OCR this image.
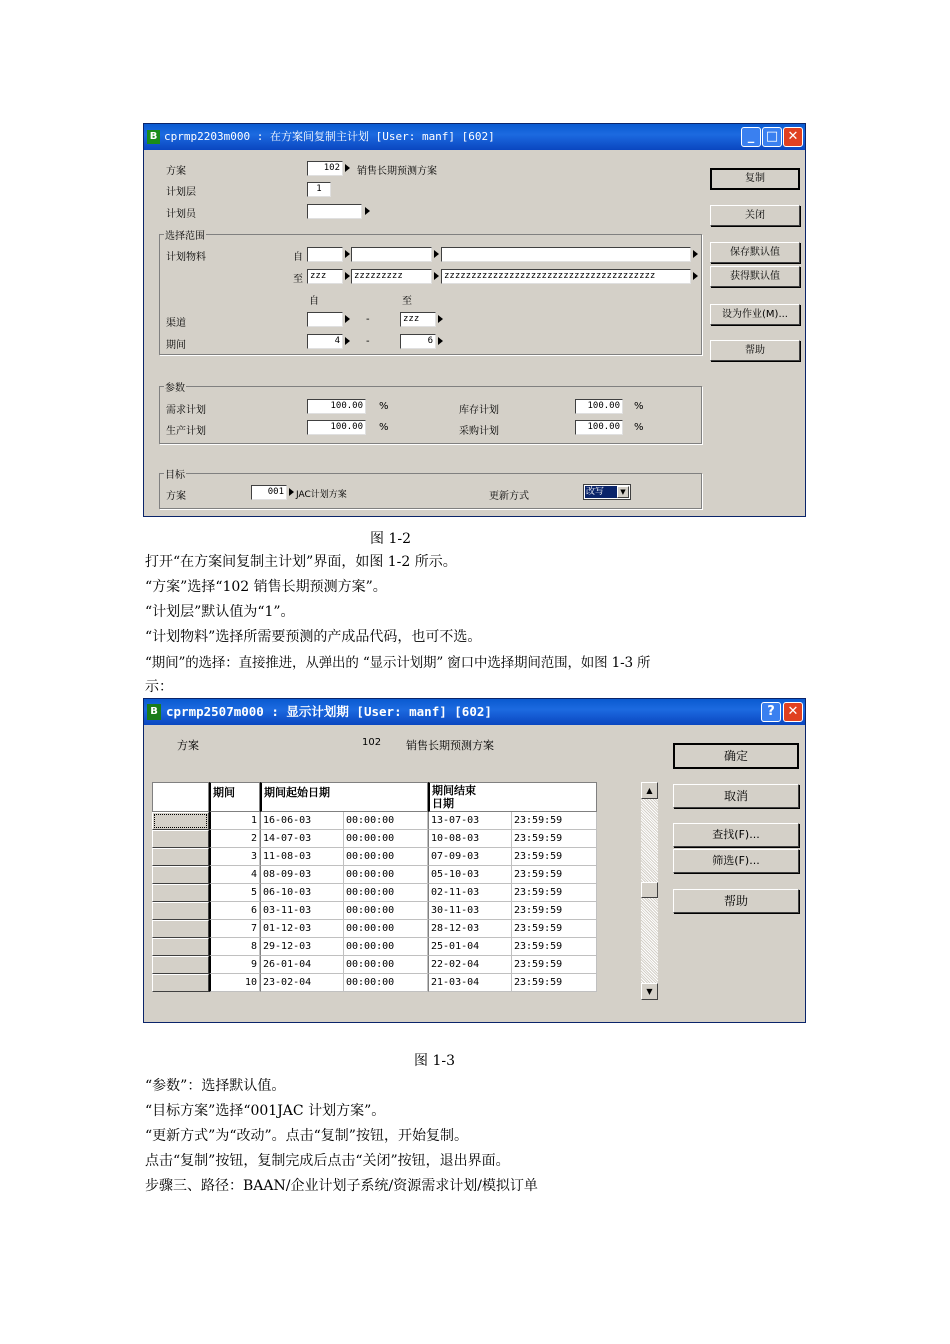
B cprmp2203m000 : 在方案间复制主计划 [User: manf] [602]	_ □ ✕
方案	102	销售长期预测方案
计划层	1
计划员
选择范围
计划物料	自
至 zzz	zzzzzzzzz	zzzzzzzzzzzzzzzzzzzzzzzzzzzzzzzzzzzzzzz
自	至
渠道	-	zzz
期间	4	-	6
参数
需求计划	100.00	%	库存计划	100.00	%
生产计划	100.00	%	采购计划	100.00	%
目标
方案	001	JAC计划方案	更新方式	改写	▼
复制
关闭
保存默认值
获得默认值
设为作业(M)...
帮助
图 1-2
打开“在方案间复制主计划”界面，如图 1-2 所示。
“方案”选择“102 销售长期预测方案”。
“计划层”默认值为“1”。
“计划物料”选择所需要预测的产成品代码，也可不选。
“期间”的选择：直接推进，从弹出的 “显示计划期” 窗口中选择期间范围，如图 1-3 所
示：
B cprmp2507m000 : 显示计划期 [User: manf] [602]	? ✕
方案	102 销售长期预测方案
期间	期间起始日期	期间结束日期
1 16-06-03	00:00:00	13-07-03	23:59:59
2 14-07-03	00:00:00	10-08-03	23:59:59
3 11-08-03	00:00:00	07-09-03	23:59:59
4 08-09-03	00:00:00	05-10-03	23:59:59
5 06-10-03	00:00:00	02-11-03	23:59:59
6 03-11-03	00:00:00	30-11-03	23:59:59
7 01-12-03	00:00:00	28-12-03	23:59:59
8 29-12-03	00:00:00	25-01-04	23:59:59
9 26-01-04	00:00:00	22-02-04	23:59:59
10 23-02-04	00:00:00	21-03-04	23:59:59
▲
▼
确定
取消
查找(F)...
筛选(F)...
帮助
图 1-3
“参数”：选择默认值。
“目标方案”选择“001JAC 计划方案”。
“更新方式”为“改动”。点击“复制”按钮，开始复制。
点击“复制”按钮，复制完成后点击“关闭”按钮，退出界面。
步骤三、路径：BAAN/企业计划子系统/资源需求计划/模拟订单
